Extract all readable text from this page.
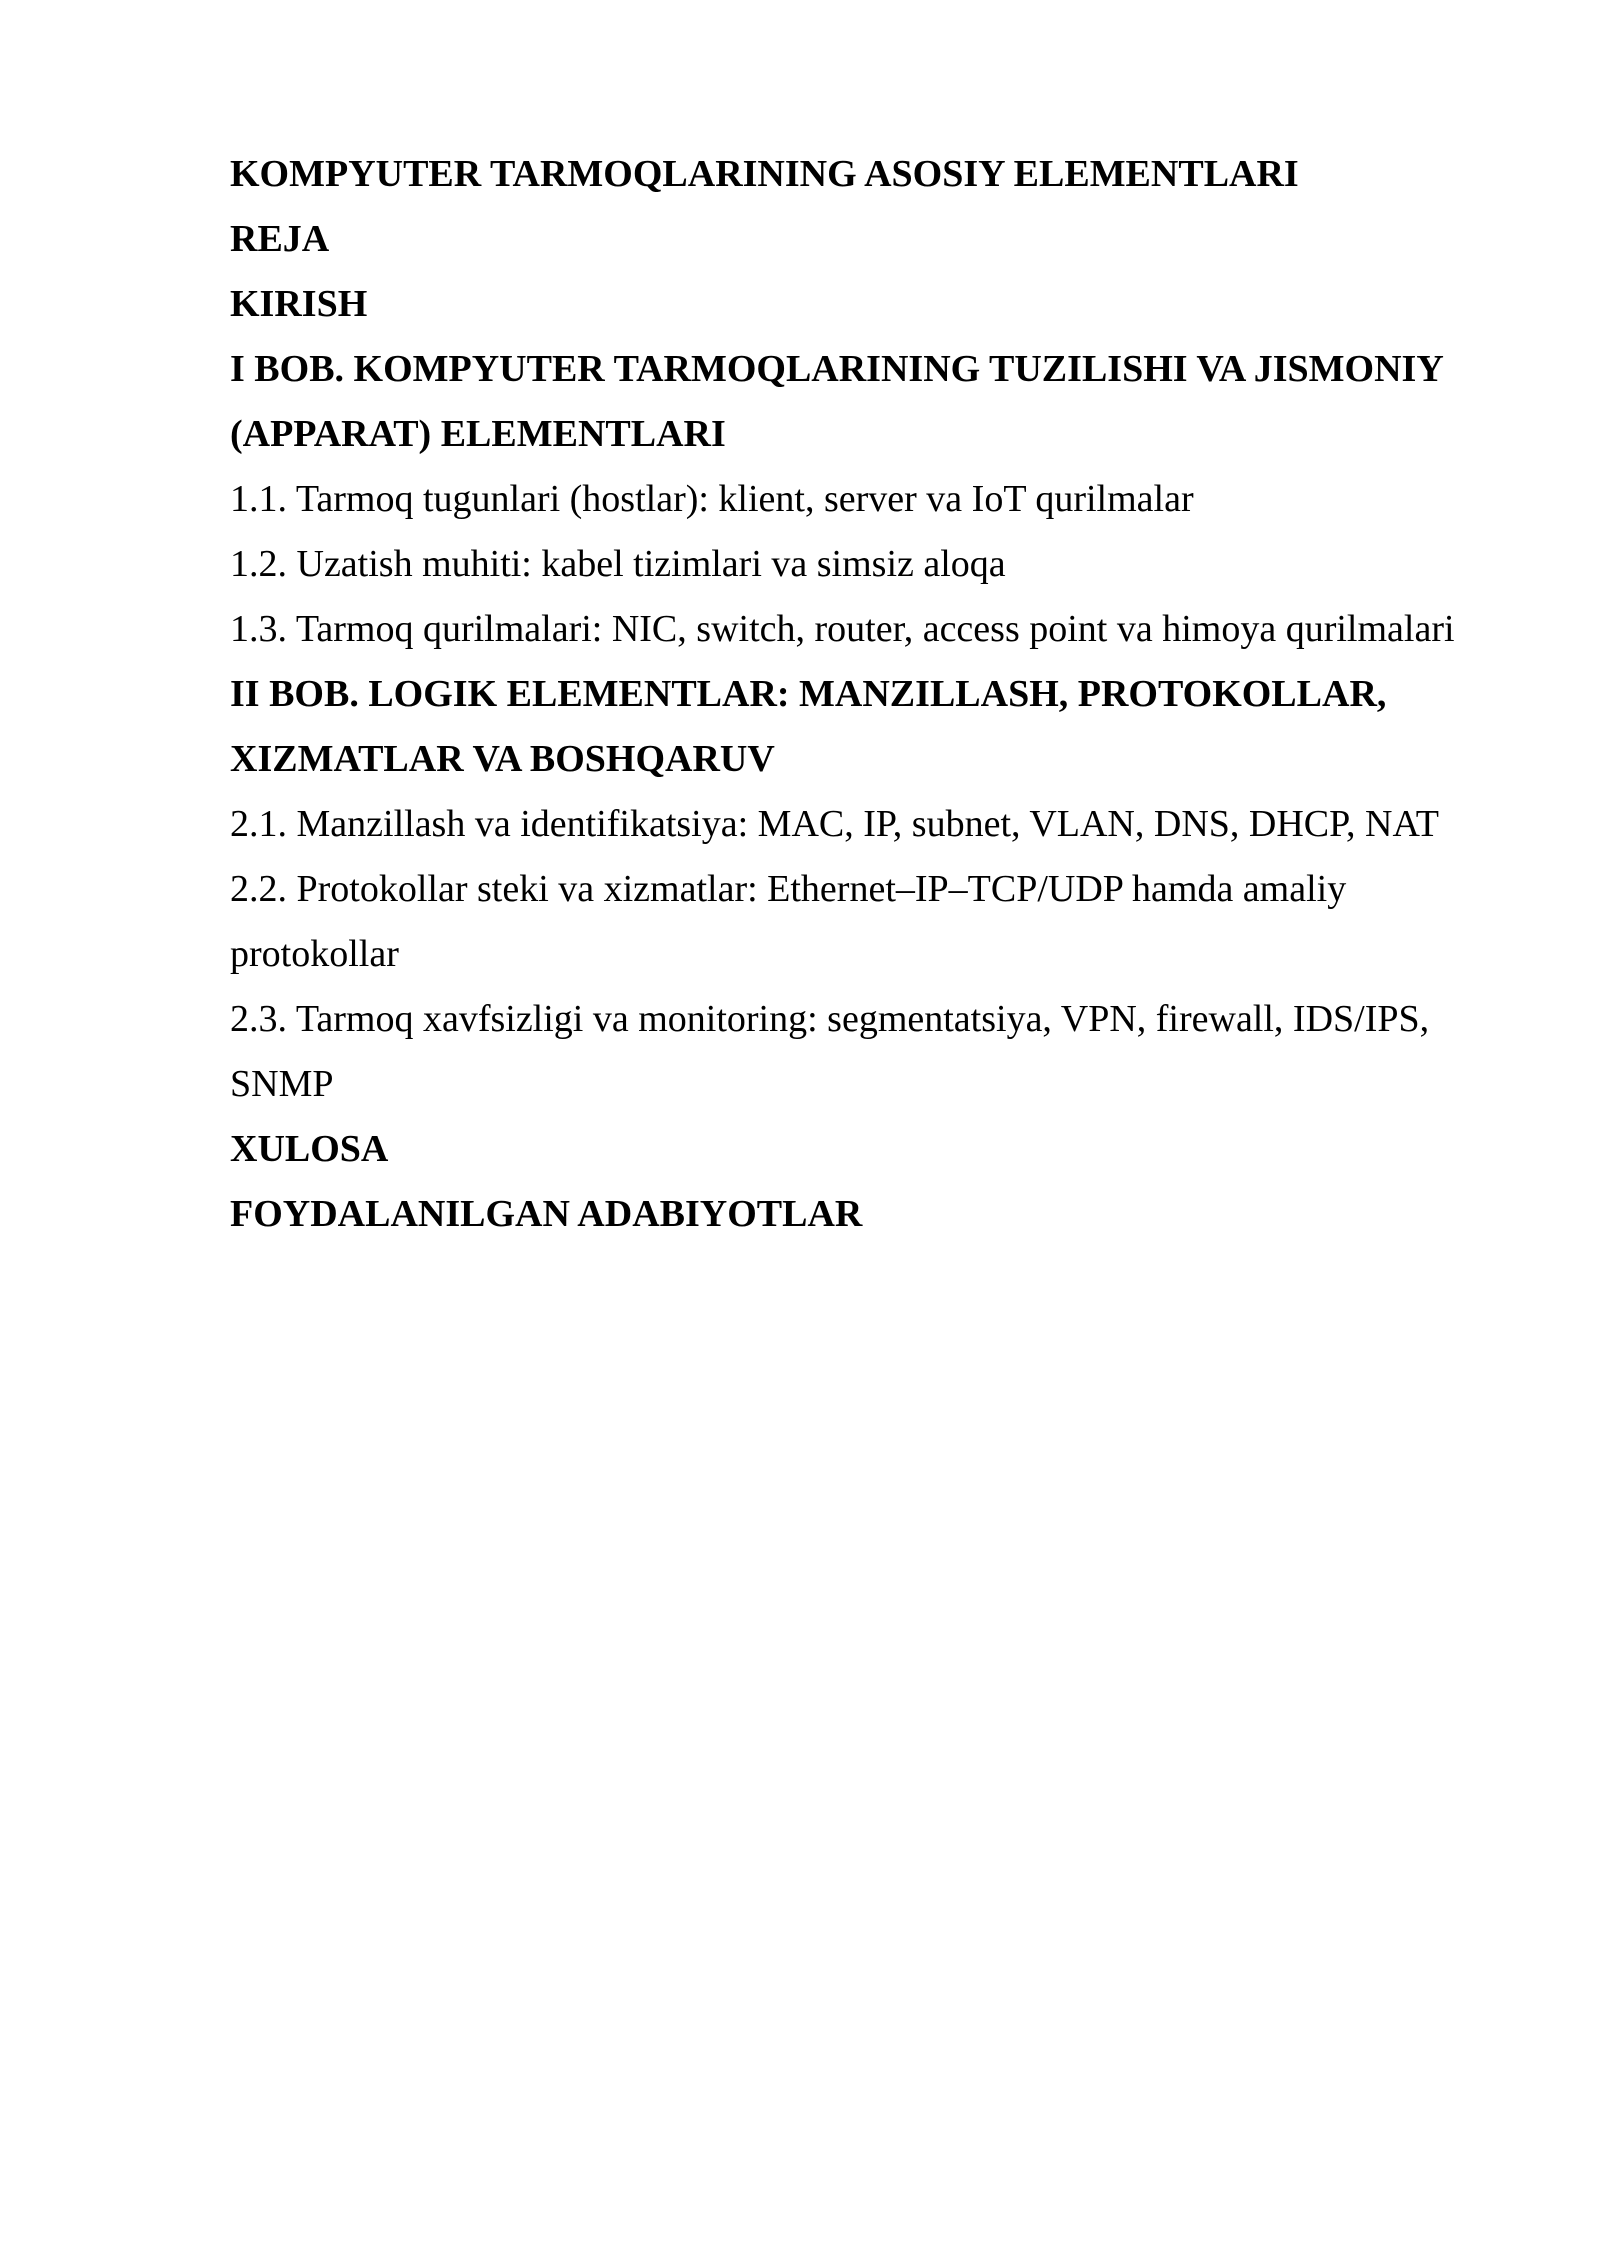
KOMPYUTER TARMOQLARINING ASOSIY ELEMENTLARI

REJA

KIRISH

I BOB. KOMPYUTER TARMOQLARINING TUZILISHI VA JISMONIY

(APPARAT) ELEMENTLARI

1.1. Tarmoq tugunlari (hostlar): klient, server va IoT qurilmalar

1.2. Uzatish muhiti: kabel tizimlari va simsiz aloqa

1.3. Tarmoq qurilmalari: NIC, switch, router, access point va himoya qurilmalari

II BOB. LOGIK ELEMENTLAR: MANZILLASH, PROTOKOLLAR,

XIZMATLAR VA BOSHQARUV

2.1. Manzillash va identifikatsiya: MAC, IP, subnet, VLAN, DNS, DHCP, NAT

2.2. Protokollar steki va xizmatlar: Ethernet–IP–TCP/UDP hamda amaliy

protokollar

2.3. Tarmoq xavfsizligi va monitoring: segmentatsiya, VPN, firewall, IDS/IPS,

SNMP

XULOSA

FOYDALANILGAN ADABIYOTLAR
